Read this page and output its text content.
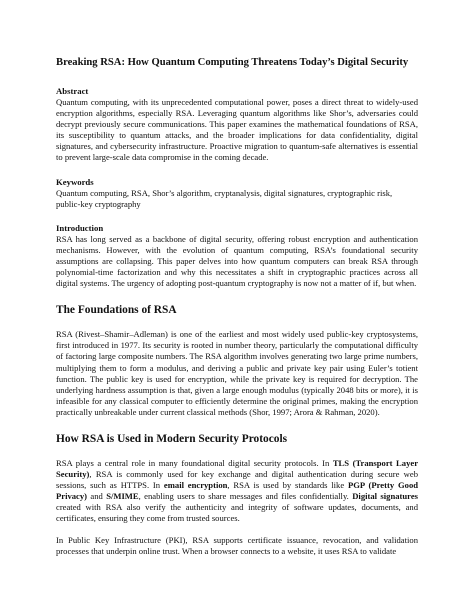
Breaking RSA: How Quantum Computing Threatens Today’s Digital Security
Abstract

Quantum computing, with its unprecedented computational power, poses a direct threat to widely-used encryption algorithms, especially RSA. Leveraging quantum algorithms like Shor’s, adversaries could decrypt previously secure communications. This paper examines the mathematical foundations of RSA, its susceptibility to quantum attacks, and the broader implications for data confidentiality, digital signatures, and cybersecurity infrastructure. Proactive migration to quantum-safe alternatives is essential to prevent large-scale data compromise in the coming decade.

Keywords

Quantum computing, RSA, Shor’s algorithm, cryptanalysis, digital signatures, cryptographic risk, public-key cryptography

Introduction

RSA has long served as a backbone of digital security, offering robust encryption and authentication mechanisms. However, with the evolution of quantum computing, RSA’s foundational security assumptions are collapsing. This paper delves into how quantum computers can break RSA through polynomial-time factorization and why this necessitates a shift in cryptographic practices across all digital systems. The urgency of adopting post-quantum cryptography is now not a matter of if, but when.

The Foundations of RSA

RSA (Rivest–Shamir–Adleman) is one of the earliest and most widely used public-key cryptosystems, first introduced in 1977. Its security is rooted in number theory, particularly the computational difficulty of factoring large composite numbers. The RSA algorithm involves generating two large prime numbers, multiplying them to form a modulus, and deriving a public and private key pair using Euler’s totient function. The public key is used for encryption, while the private key is required for decryption. The underlying hardness assumption is that, given a large enough modulus (typically 2048 bits or more), it is infeasible for any classical computer to efficiently determine the original primes, making the encryption practically unbreakable under current classical methods (Shor, 1997; Arora & Rahman, 2020).

How RSA is Used in Modern Security Protocols

RSA plays a central role in many foundational digital security protocols. In TLS (Transport Layer Security), RSA is commonly used for key exchange and digital authentication during secure web sessions, such as HTTPS. In email encryption, RSA is used by standards like PGP (Pretty Good Privacy) and S/MIME, enabling users to share messages and files confidentially. Digital signatures created with RSA also verify the authenticity and integrity of software updates, documents, and certificates, ensuring they come from trusted sources.

In Public Key Infrastructure (PKI), RSA supports certificate issuance, revocation, and validation processes that underpin online trust. When a browser connects to a website, it uses RSA to validate
